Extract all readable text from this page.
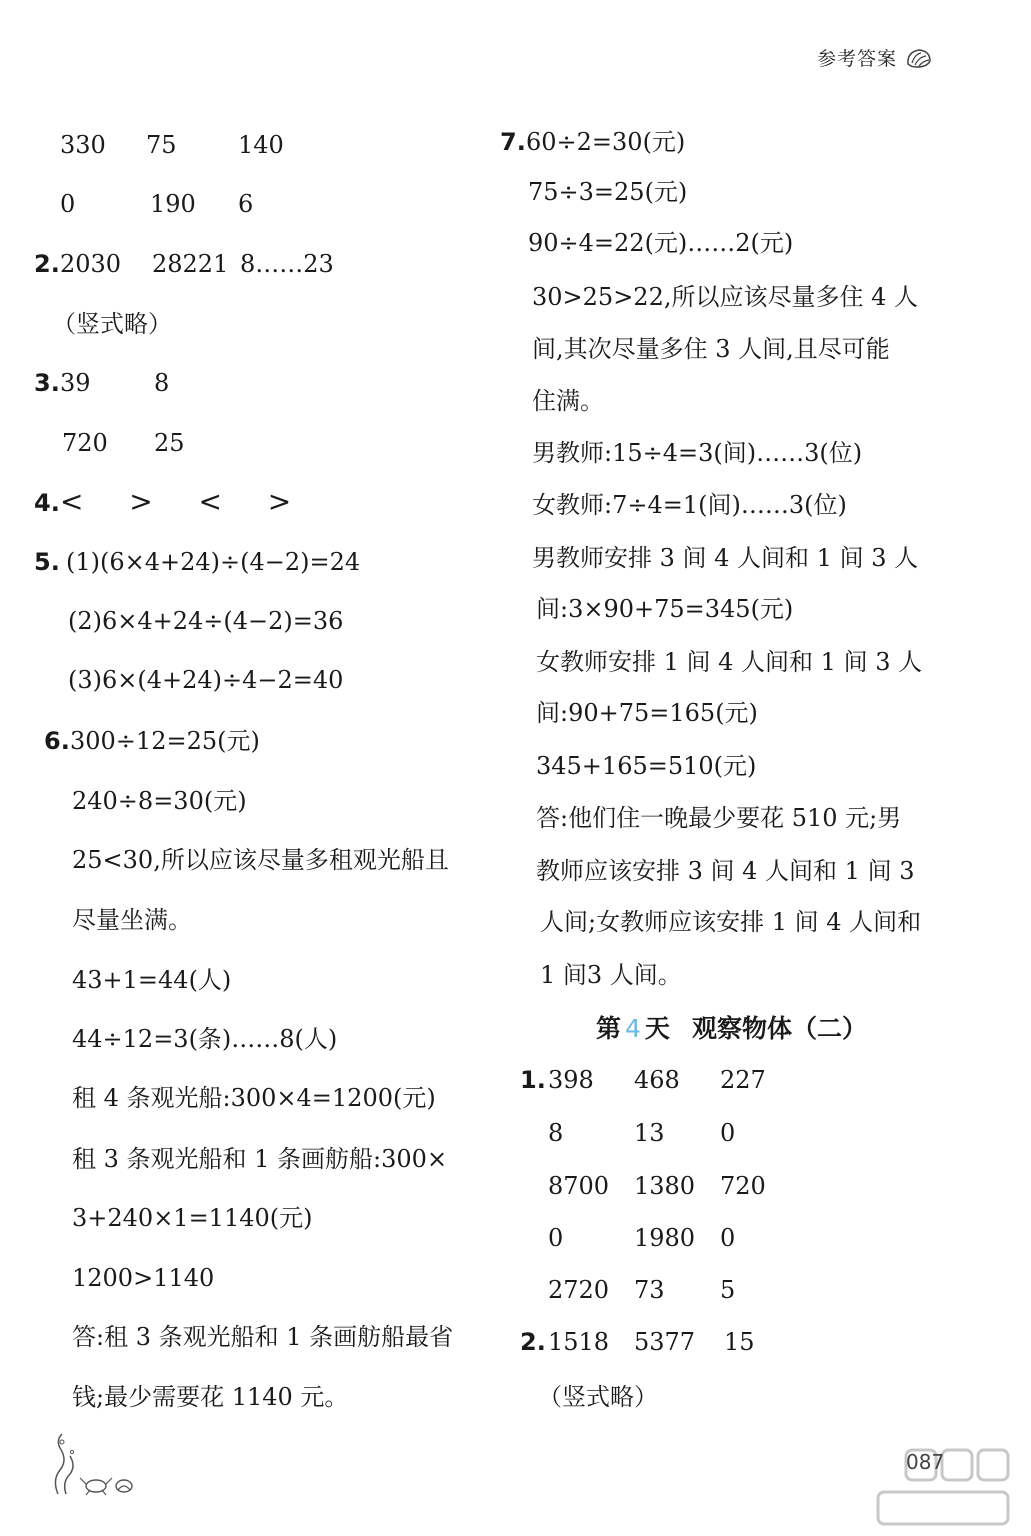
参考答案
330 75	140
0	190 6
2.2030 28221 8……23
（竖式略）
3.39	8
720 25
4.<  >  <  >
5. (1)(6×4+24)÷(4−2)=24
(2)6×4+24÷(4−2)=36
(3)6×(4+24)÷4−2=40
6.300÷12=25(元)
240÷8=30(元)
25<30,所以应该尽量多租观光船且
尽量坐满。
43+1=44(人)
44÷12=3(条)……8(人)
租 4 条观光船:300×4=1200(元)
租 3 条观光船和 1 条画舫船:300×
3+240×1=1140(元)
1200>1140
答:租 3 条观光船和 1 条画舫船最省
钱;最少需要花 1140 元。
7.60÷2=30(元)
75÷3=25(元)
90÷4=22(元)……2(元)
30>25>22,所以应该尽量多住 4 人
间,其次尽量多住 3 人间,且尽可能
住满。
男教师:15÷4=3(间)……3(位)
女教师:7÷4=1(间)……3(位)
男教师安排 3 间 4 人间和 1 间 3 人
间:3×90+75=345(元)
女教师安排 1 间 4 人间和 1 间 3 人
间:90+75=165(元)
345+165=510(元)
答:他们住一晚最少要花 510 元;男
教师应该安排 3 间 4 人间和 1 间 3
人间;女教师应该安排 1 间 4 人间和
1 间3 人间。
第 4 天 观察物体（二）
1.398 468 227
8	13 0
8700 1380 720
0	1980 0
2720 73 5
2.1518 5377 15
（竖式略）
087
